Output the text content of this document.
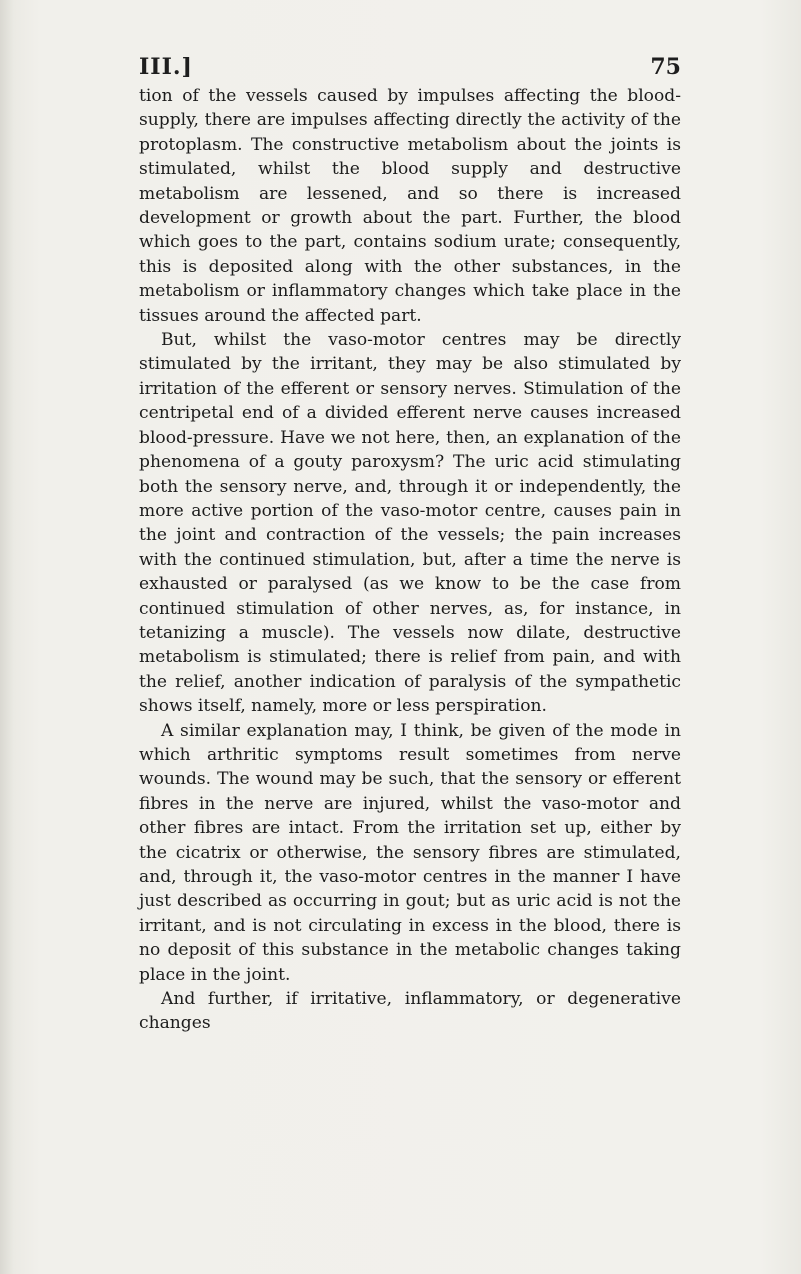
III.]	75

tion of the vessels caused by impulses affecting the blood-supply, there are impulses affecting directly the activity of the protoplasm. The constructive metabolism about the joints is stimulated, whilst the blood supply and destructive metabolism are lessened, and so there is increased development or growth about the part. Further, the blood which goes to the part, contains sodium urate; consequently, this is deposited along with the other substances, in the metabolism or inflammatory changes which take place in the tissues around the affected part.

But, whilst the vaso-motor centres may be directly stimulated by the irritant, they may be also stimulated by irritation of the efferent or sensory nerves. Stimulation of the centripetal end of a divided efferent nerve causes increased blood-pressure. Have we not here, then, an explanation of the phenomena of a gouty paroxysm? The uric acid stimulating both the sensory nerve, and, through it or independently, the more active portion of the vaso-motor centre, causes pain in the joint and contraction of the vessels; the pain increases with the continued stimulation, but, after a time the nerve is exhausted or paralysed (as we know to be the case from continued stimulation of other nerves, as, for instance, in tetanizing a muscle). The vessels now dilate, destructive metabolism is stimulated; there is relief from pain, and with the relief, another indication of paralysis of the sympathetic shows itself, namely, more or less perspiration.

A similar explanation may, I think, be given of the mode in which arthritic symptoms result sometimes from nerve wounds. The wound may be such, that the sensory or efferent fibres in the nerve are injured, whilst the vaso-motor and other fibres are intact. From the irritation set up, either by the cicatrix or otherwise, the sensory fibres are stimulated, and, through it, the vaso-motor centres in the manner I have just described as occurring in gout; but as uric acid is not the irritant, and is not circulating in excess in the blood, there is no deposit of this substance in the metabolic changes taking place in the joint.

And further, if irritative, inflammatory, or degenerative changes
